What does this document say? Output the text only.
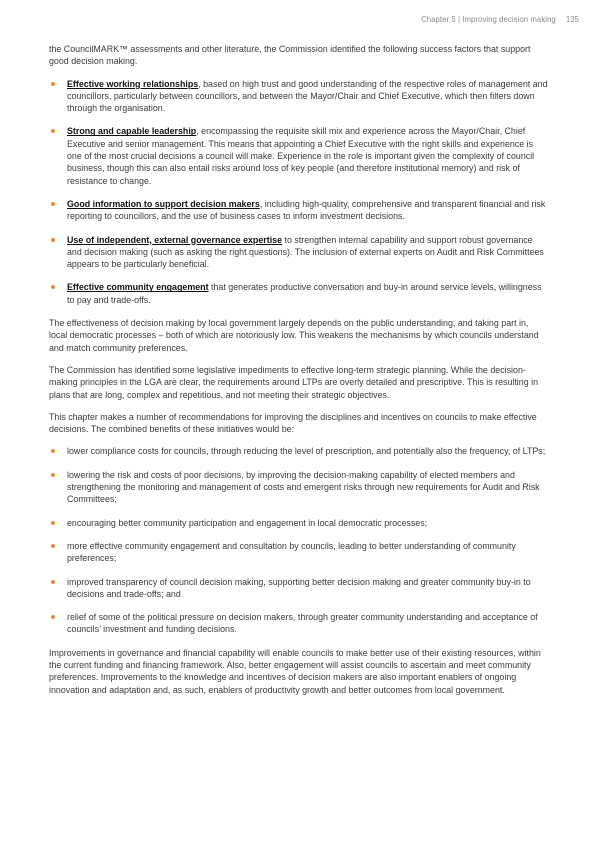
Chapter 5 | Improving decision making 135

the CouncilMARK™ assessments and other literature, the Commission identified the following success factors that support good decision making.

Effective working relationships, based on high trust and good understanding of the respective roles of management and councillors, particularly between councillors, and between the Mayor/Chair and Chief Executive, which then filters down through the organisation.
Strong and capable leadership, encompassing the requisite skill mix and experience across the Mayor/Chair, Chief Executive and senior management. This means that appointing a Chief Executive with the right skills and experience is one of the most crucial decisions a council will make. Experience in the role is important given the complexity of council business, though this can also entail risks around loss of key people (and therefore institutional memory) and risk of resistance to change.
Good information to support decision makers, including high-quality, comprehensive and transparent financial and risk reporting to councillors, and the use of business cases to inform investment decisions.
Use of independent, external governance expertise to strengthen internal capability and support robust governance and decision making (such as asking the right questions). The inclusion of external experts on Audit and Risk Committees appears to be particularly beneficial.
Effective community engagement that generates productive conversation and buy-in around service levels, willingness to pay and trade-offs.

The effectiveness of decision making by local government largely depends on the public understanding, and taking part in, local democratic processes – both of which are notoriously low. This weakens the mechanisms by which councils understand and match community preferences.

The Commission has identified some legislative impediments to effective long-term strategic planning. While the decision-making principles in the LGA are clear, the requirements around LTPs are overly detailed and prescriptive. This is resulting in plans that are long, complex and repetitious, and not meeting their strategic objectives.

This chapter makes a number of recommendations for improving the disciplines and incentives on councils to make effective decisions. The combined benefits of these initiatives would be:

lower compliance costs for councils, through reducing the level of prescription, and potentially also the frequency, of LTPs;
lowering the risk and costs of poor decisions, by improving the decision-making capability of elected members and strengthening the monitoring and management of costs and emergent risks through new requirements for Audit and Risk Committees;
encouraging better community participation and engagement in local democratic processes;
more effective community engagement and consultation by councils, leading to better understanding of community preferences;
improved transparency of council decision making, supporting better decision making and greater community buy-in to decisions and trade-offs; and
relief of some of the political pressure on decision makers, through greater community understanding and acceptance of councils’ investment and funding decisions.

Improvements in governance and financial capability will enable councils to make better use of their existing resources, within the current funding and financing framework. Also, better engagement will assist councils to ascertain and meet community preferences. Improvements to the knowledge and incentives of decision makers are also important enablers of ongoing innovation and adaptation and, as such, enablers of productivity growth and better outcomes from local government.
